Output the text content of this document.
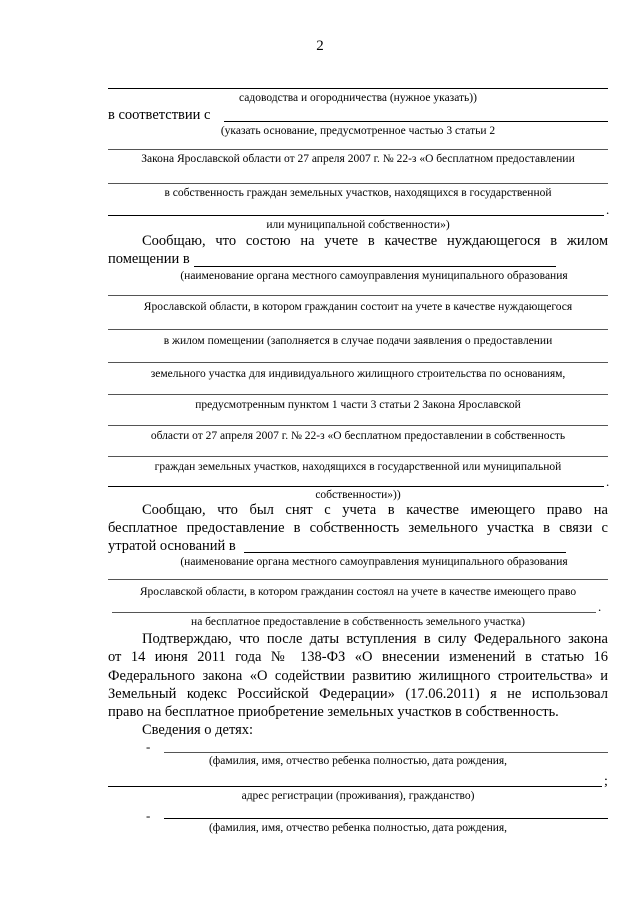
2
садоводства и огородничества (нужное указать))
в соответствии с
(указать основание, предусмотренное частью 3 статьи 2
Закона Ярославской области от 27 апреля 2007 г. № 22-з «О бесплатном предоставлении
в собственность граждан земельных участков, находящихся в государственной
.
или муниципальной собственности»)
Сообщаю, что состою на учете в качестве нуждающегося в жилом
помещении в
(наименование органа местного самоуправления муниципального образования
Ярославской области, в котором гражданин состоит на учете в качестве нуждающегося
в жилом помещении (заполняется в случае подачи заявления о предоставлении
земельного участка для индивидуального жилищного строительства по основаниям,
предусмотренным пунктом 1 части 3 статьи 2 Закона Ярославской
области от 27 апреля 2007 г. № 22-з «О бесплатном предоставлении в собственность
граждан земельных участков, находящихся в государственной или муниципальной
.
собственности»))
Сообщаю, что был снят с учета в качестве имеющего право на
бесплатное предоставление в собственность земельного участка в связи с
утратой оснований в
(наименование органа местного самоуправления муниципального образования
Ярославской области, в котором гражданин состоял на учете в качестве имеющего право
.
на бесплатное предоставление в собственность земельного участка)
Подтверждаю, что после даты вступления в силу Федерального закона
от 14 июня 2011 года № 138-ФЗ «О внесении изменений в статью 16
Федерального закона «О содействии развитию жилищного строительства» и
Земельный кодекс Российской Федерации» (17.06.2011) я не использовал
право на бесплатное приобретение земельных участков в собственность.
Сведения о детях:
-
(фамилия, имя, отчество ребенка полностью, дата рождения,
;
адрес регистрации (проживания), гражданство)
-
(фамилия, имя, отчество ребенка полностью, дата рождения,
